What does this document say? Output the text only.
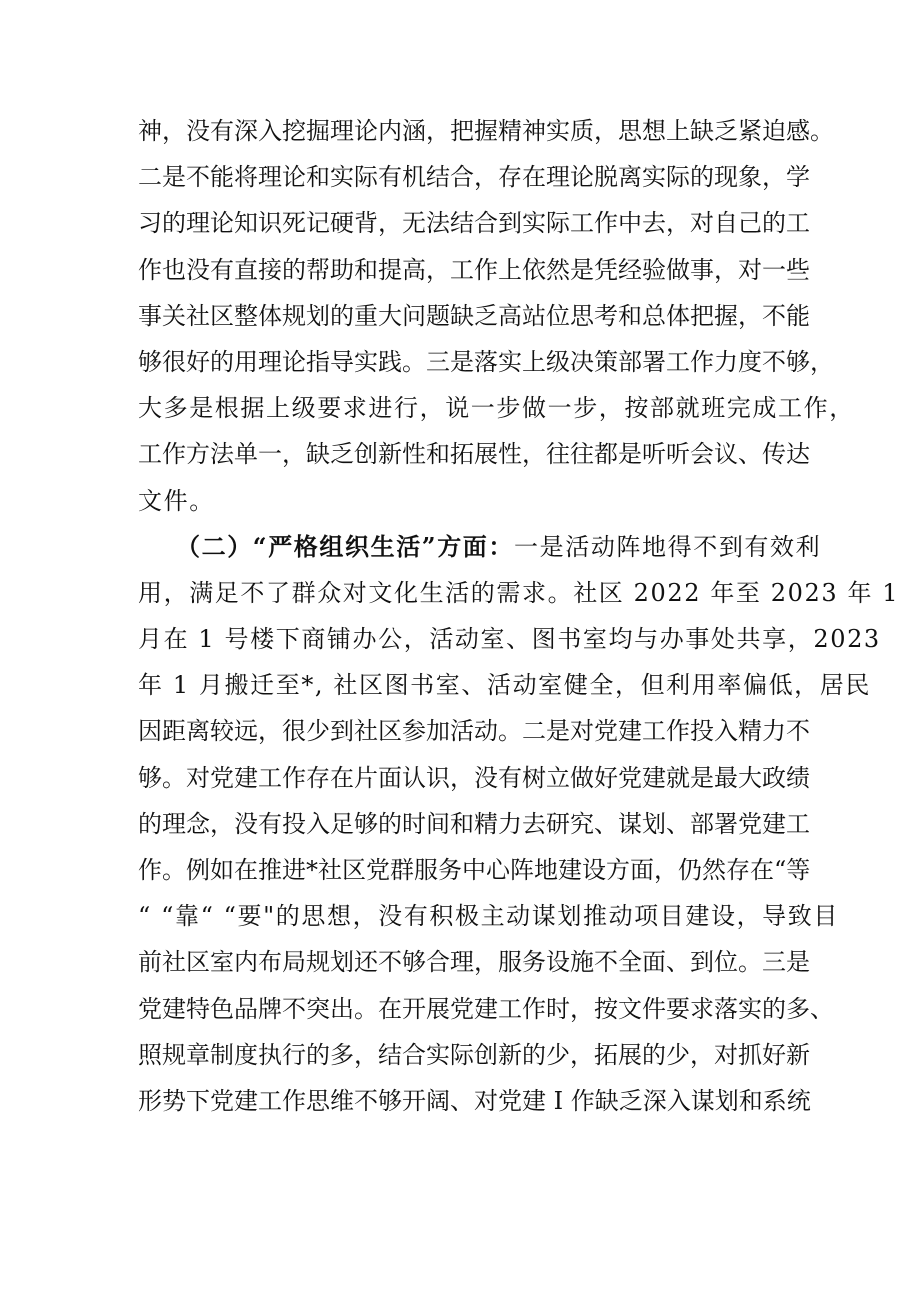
神，没有深入挖掘理论内涵，把握精神实质，思想上缺乏紧迫感。
二是不能将理论和实际有机结合，存在理论脱离实际的现象，学
习的理论知识死记硬背，无法结合到实际工作中去，对自己的工
作也没有直接的帮助和提高，工作上依然是凭经验做事，对一些
事关社区整体规划的重大问题缺乏高站位思考和总体把握，不能
够很好的用理论指导实践。三是落实上级决策部署工作力度不够，
大多是根据上级要求进行，说一步做一步，按部就班完成工作，
工作方法单一，缺乏创新性和拓展性，往往都是听听会议、传达
文件。
（二）“严格组织生活”方面：一是活动阵地得不到有效利
用，满足不了群众对文化生活的需求。社区 2022 年至 2023 年 1
月在 1 号楼下商铺办公，活动室、图书室均与办事处共享，2023
年 1 月搬迁至*, 社区图书室、活动室健全，但利用率偏低，居民
因距离较远，很少到社区参加活动。二是对党建工作投入精力不
够。对党建工作存在片面认识，没有树立做好党建就是最大政绩
的理念，没有投入足够的时间和精力去研究、谋划、部署党建工
作。例如在推进*社区党群服务中心阵地建设方面，仍然存在“等
“ “靠“ “要"的思想，没有积极主动谋划推动项目建设，导致目
前社区室内布局规划还不够合理，服务设施不全面、到位。三是
党建特色品牌不突出。在开展党建工作时，按文件要求落实的多、
照规章制度执行的多，结合实际创新的少，拓展的少，对抓好新
形势下党建工作思维不够开阔、对党建 I 作缺乏深入谋划和系统
